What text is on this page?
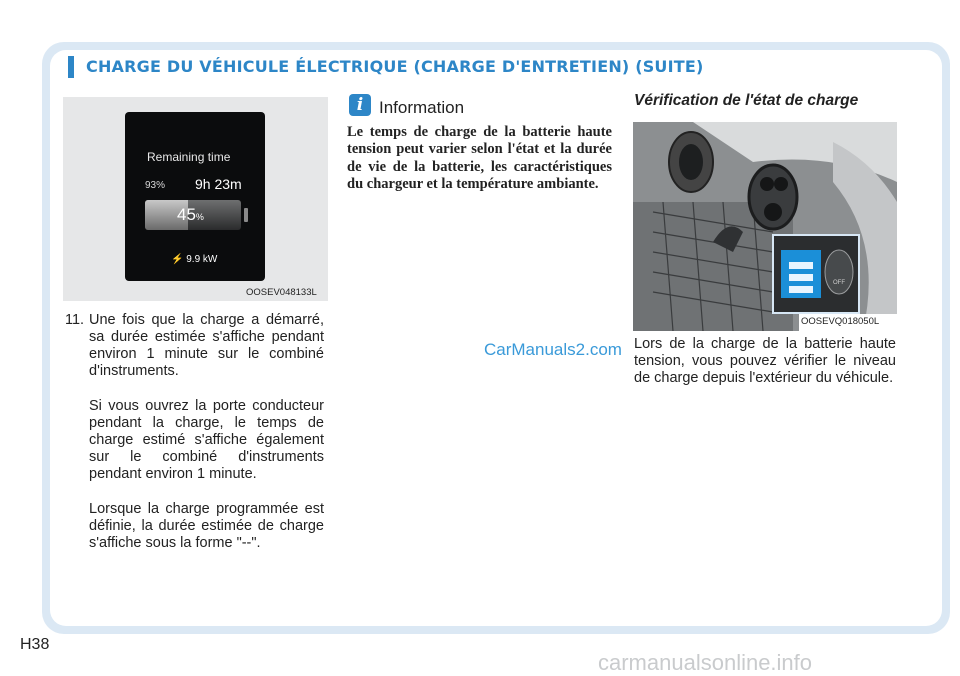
CHARGE DU VÉHICULE ÉLECTRIQUE (CHARGE D'ENTRETIEN) (SUITE)
Remaining time
93% 9h 23m
45%
⚡ 9.9 kW
OOSEV048133L
11. Une fois que la charge a démarré, sa durée estimée s'affiche pendant environ 1 minute sur le combiné d'instruments.
Si vous ouvrez la porte conducteur pendant la charge, le temps de charge estimé s'affiche également sur le combiné d'instruments pendant environ 1 minute.
Lorsque la charge programmée est définie, la durée estimée de charge s'affiche sous la forme "--".
i Information
Le temps de charge de la batterie haute tension peut varier selon l'état et la durée de vie de la batterie, les caractéristiques du chargeur et la température ambiante.
CarManuals2.com
Vérification de l'état de charge
OFF
OOSEVQ018050L
Lors de la charge de la batterie haute tension, vous pouvez vérifier le niveau de charge depuis l'extérieur du véhicule.
H38
carmanualsonline.info
